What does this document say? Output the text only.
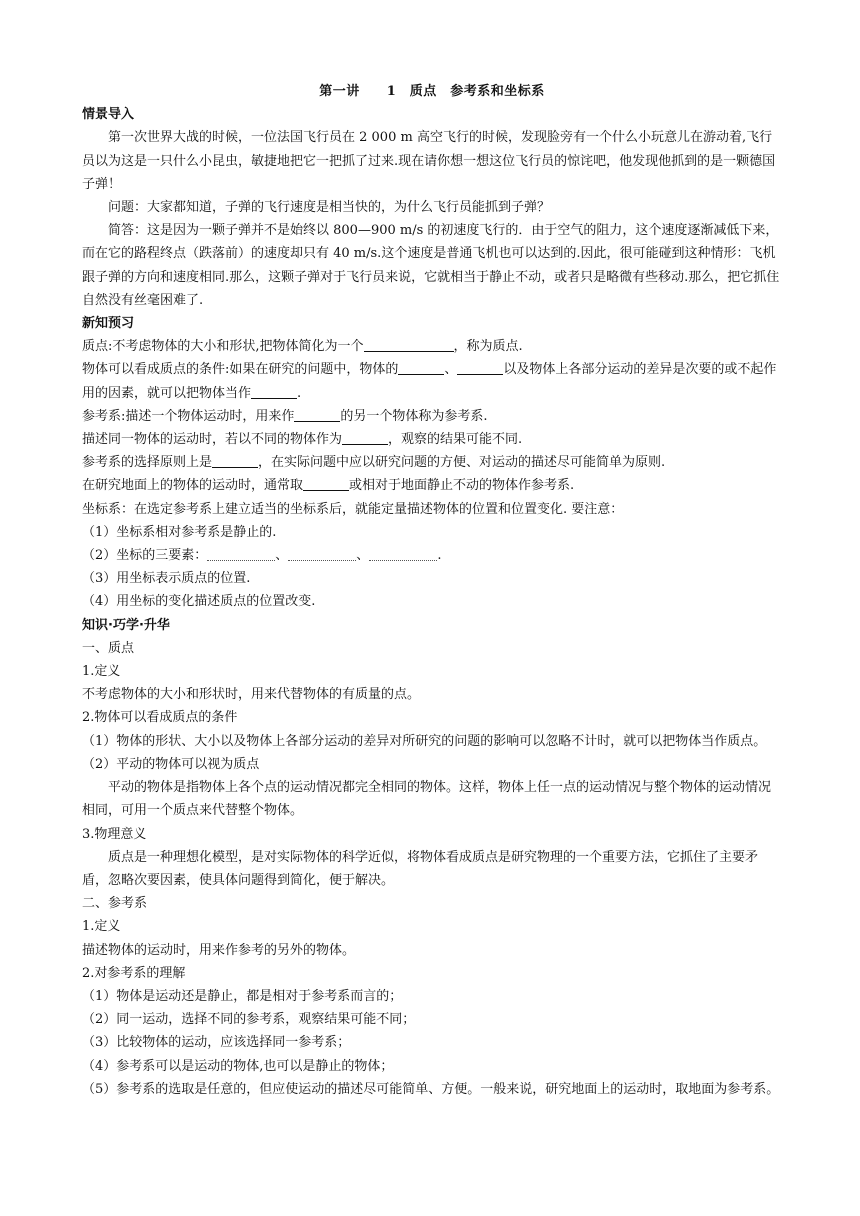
第一讲　　1　质点　参考系和坐标系
情景导入

第一次世界大战的时候，一位法国飞行员在 2 000 m 高空飞行的时候，发现脸旁有一个什么小玩意儿在游动着,飞行员以为这是一只什么小昆虫，敏捷地把它一把抓了过来.现在请你想一想这位飞行员的惊诧吧，他发现他抓到的是一颗德国子弹！

问题：大家都知道，子弹的飞行速度是相当快的，为什么飞行员能抓到子弹？

简答：这是因为一颗子弹并不是始终以 800—900 m/s 的初速度飞行的．由于空气的阻力，这个速度逐渐减低下来，而在它的路程终点（跌落前）的速度却只有 40 m/s.这个速度是普通飞机也可以达到的.因此，很可能碰到这种情形：飞机跟子弹的方向和速度相同.那么，这颗子弹对于飞行员来说，它就相当于静止不动，或者只是略微有些移动.那么，把它抓住自然没有丝毫困难了.

新知预习

质点:不考虑物体的大小和形状,把物体简化为一个	，称为质点.

物体可以看成质点的条件:如果在研究的问题中，物体的	、	以及物体上各部分运动的差异是次要的或不起作用的因素，就可以把物体当作	.

参考系:描述一个物体运动时，用来作	的另一个物体称为参考系.

描述同一物体的运动时，若以不同的物体作为	，观察的结果可能不同.

参考系的选择原则上是	，在实际问题中应以研究问题的方便、对运动的描述尽可能简单为原则.

在研究地面上的物体的运动时，通常取	或相对于地面静止不动的物体作参考系.

坐标系：在选定参考系上建立适当的坐标系后，就能定量描述物体的位置和位置变化. 要注意：

（1）坐标系相对参考系是静止的.

（2）坐标的三要素：	、	、	.

（3）用坐标表示质点的位置.

（4）用坐标的变化描述质点的位置改变.

知识·巧学·升华

一、质点

1.定义

不考虑物体的大小和形状时，用来代替物体的有质量的点。

2.物体可以看成质点的条件

（1）物体的形状、大小以及物体上各部分运动的差异对所研究的问题的影响可以忽略不计时，就可以把物体当作质点。

（2）平动的物体可以视为质点

平动的物体是指物体上各个点的运动情况都完全相同的物体。这样，物体上任一点的运动情况与整个物体的运动情况相同，可用一个质点来代替整个物体。

3.物理意义

质点是一种理想化模型，是对实际物体的科学近似，将物体看成质点是研究物理的一个重要方法，它抓住了主要矛盾，忽略次要因素，使具体问题得到简化，便于解决。

二、参考系

1.定义

描述物体的运动时，用来作参考的另外的物体。

2.对参考系的理解

（1）物体是运动还是静止，都是相对于参考系而言的；

（2）同一运动，选择不同的参考系，观察结果可能不同；

（3）比较物体的运动，应该选择同一参考系；

（4）参考系可以是运动的物体,也可以是静止的物体；

（5）参考系的选取是任意的，但应使运动的描述尽可能简单、方便。一般来说，研究地面上的运动时，取地面为参考系。
